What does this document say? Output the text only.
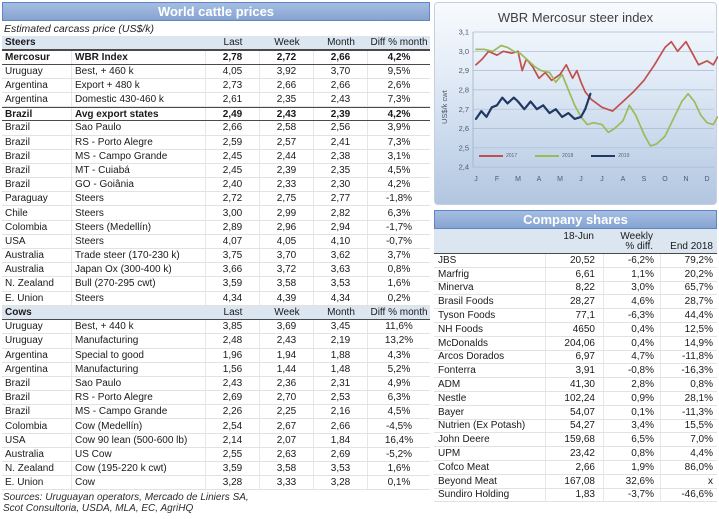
World cattle prices
Estimated carcass price (US$/k)
Steers	Last	Week	Month	Diff % month
Mercosur	WBR Index	2,78	2,72	2,66	4,2%
Uruguay	Best, + 460 k	4,05	3,92	3,70	9,5%
Argentina	Export + 480 k	2,73	2,66	2,66	2,6%
Argentina	Domestic 430-460 k	2,61	2,35	2,43	7,3%
Brazil	Avg export states	2,49	2,43	2,39	4,2%
Brazil	Sao Paulo	2,66	2,58	2,56	3,9%
Brazil	RS - Porto Alegre	2,59	2,57	2,41	7,3%
Brazil	MS - Campo Grande	2,45	2,44	2,38	3,1%
Brazil	MT - Cuiabá	2,45	2,39	2,35	4,5%
Brazil	GO - Goiânia	2,40	2,33	2,30	4,2%
Paraguay	Steers	2,72	2,75	2,77	-1,8%
Chile	Steers	3,00	2,99	2,82	6,3%
Colombia	Steers (Medellín)	2,89	2,96	2,94	-1,7%
USA	Steers	4,07	4,05	4,10	-0,7%
Australia	Trade steer (170-230 k)	3,75	3,70	3,62	3,7%
Australia	Japan Ox (300-400 k)	3,66	3,72	3,63	0,8%
N. Zealand	Bull (270-295 cwt)	3,59	3,58	3,53	1,6%
E. Union	Steers	4,34	4,39	4,34	0,2%
Cows	Last	Week	Month	Diff % month
Uruguay	Best, + 440 k	3,85	3,69	3,45	11,6%
Uruguay	Manufacturing	2,48	2,43	2,19	13,2%
Argentina	Special to good	1,96	1,94	1,88	4,3%
Argentina	Manufacturing	1,56	1,44	1,48	5,2%
Brazil	Sao Paulo	2,43	2,36	2,31	4,9%
Brazil	RS - Porto Alegre	2,69	2,70	2,53	6,3%
Brazil	MS - Campo Grande	2,26	2,25	2,16	4,5%
Colombia	Cow (Medellín)	2,54	2,67	2,66	-4,5%
USA	Cow 90 lean (500-600 lb)	2,14	2,07	1,84	16,4%
Australia	US Cow	2,55	2,63	2,69	-5,2%
N. Zealand	Cow (195-220 k cwt)	3,59	3,58	3,53	1,6%
E. Union	Cow	3,28	3,33	3,28	0,1%
Sources: Uruguayan operators, Mercado de Liniers SA,
Scot Consultoria, USDA, MLA, EC, AgriHQ
3,1
3,0
2,9
2,8
2,7
2,6
2,5
2,4
J F M A M J	J A S O N D
WBR Mercosur steer index
US$/k cwt
2017	2018	2019
Company shares
18-Jun	Weekly
% diff.	End 2018
JBS	20,52	-6,2%	79,2%
Marfrig	6,61	1,1%	20,2%
Minerva	8,22	3,0%	65,7%
Brasil Foods	28,27	4,6%	28,7%
Tyson Foods	77,1	-6,3%	44,4%
NH Foods	4650	0,4%	12,5%
McDonalds	204,06	0,4%	14,9%
Arcos Dorados	6,97	4,7%	-11,8%
Fonterra	3,91	-0,8%	-16,3%
ADM	41,30	2,8%	0,8%
Nestle	102,24	0,9%	28,1%
Bayer	54,07	0,1%	-11,3%
Nutrien (Ex Potash)	54,27	3,4%	15,5%
John Deere	159,68	6,5%	7,0%
UPM	23,42	0,8%	4,4%
Cofco Meat	2,66	1,9%	86,0%
Beyond Meat	167,08	32,6%	x
Sundiro Holding	1,83	-3,7%	-46,6%
